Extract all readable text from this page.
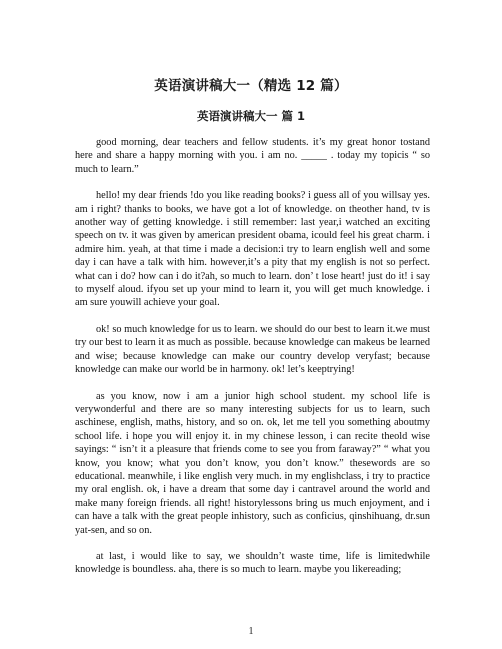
英语演讲稿大一（精选 12 篇）
英语演讲稿大一 篇 1

good morning, dear teachers and fellow students. it’s my great honor tostand here and share a happy morning with you. i am no. _____ . today my topicis “ so much to learn.”

hello! my dear friends !do you like reading books? i guess all of you willsay yes. am i right? thanks to books, we have got a lot of knowledge. on theother hand, tv is another way of getting knowledge. i still remember: last year,i watched an exciting speech on tv. it was given by american president obama, icould feel his great charm. i admire him. yeah, at that time i made a decision:i try to learn english well and some day i can have a talk with him. however,it’s a pity that my english is not so perfect. what can i do? how can i do it?ah, so much to learn. don’ t lose heart! just do it! i say to myself aloud. ifyou set up your mind to learn it, you will get much knowledge. i am sure youwill achieve your goal.

ok! so much knowledge for us to learn. we should do our best to learn it.we must try our best to learn it as much as possible. because knowledge can makeus be learned and wise; because knowledge can make our country develop veryfast; because knowledge can make our world be in harmony. ok! let’s keeptrying!

as you know, now i am a junior high school student. my school life is verywonderful and there are so many interesting subjects for us to learn, such aschinese, english, maths, history, and so on. ok, let me tell you something aboutmy school life. i hope you will enjoy it. in my chinese lesson, i can recite theold wise sayings: “ isn’t it a pleasure that friends come to see you from faraway?” “ what you know, you know; what you don’t know, you don’t know.” thesewords are so educational. meanwhile, i like english very much. in my englishclass, i try to practice my oral english. ok, i have a dream that some day i cantravel around the world and make many foreign friends. all right! historylessons bring us much enjoyment, and i can have a talk with the great people inhistory, such as conficius, qinshihuang, dr.sun yat-sen, and so on.

at last, i would like to say, we shouldn’t waste time, life is limitedwhile knowledge is boundless. aha, there is so much to learn. maybe you likereading;

1
